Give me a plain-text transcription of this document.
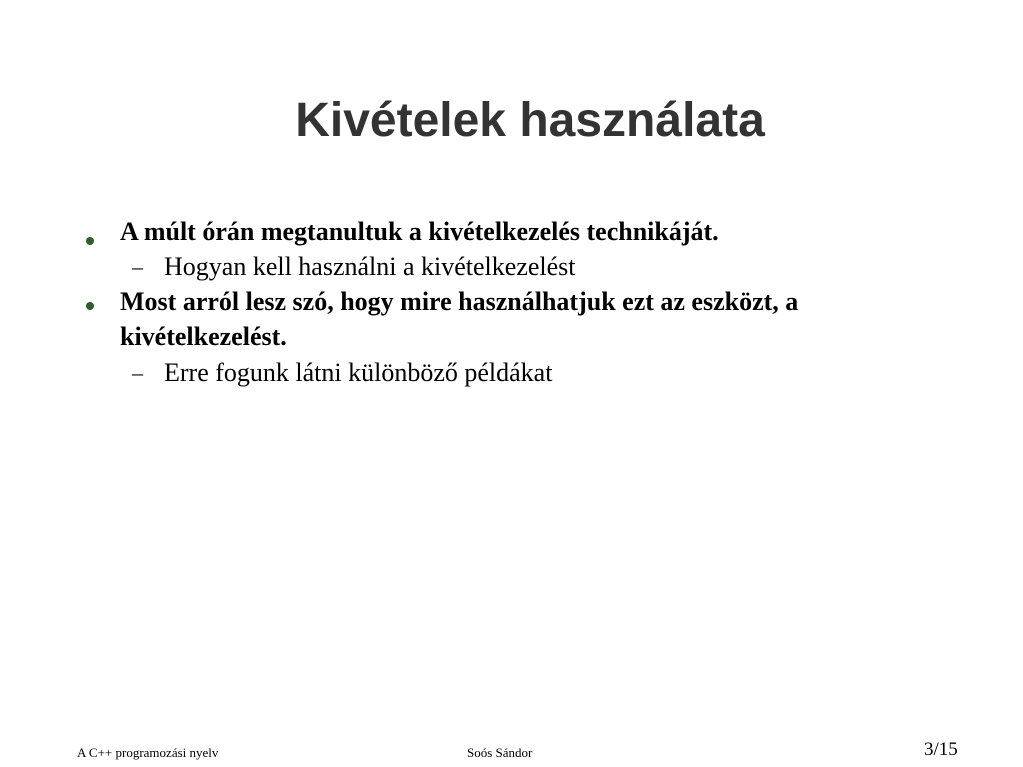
Kivételek használata
A múlt órán megtanultuk a kivételkezelés technikáját.
– Hogyan kell használni a kivételkezelést
Most arról lesz szó, hogy mire használhatjuk ezt az eszközt, a
kivételkezelést.
– Erre fogunk látni különböző példákat
A C++ programozási nyelv	Soós Sándor	3/15
